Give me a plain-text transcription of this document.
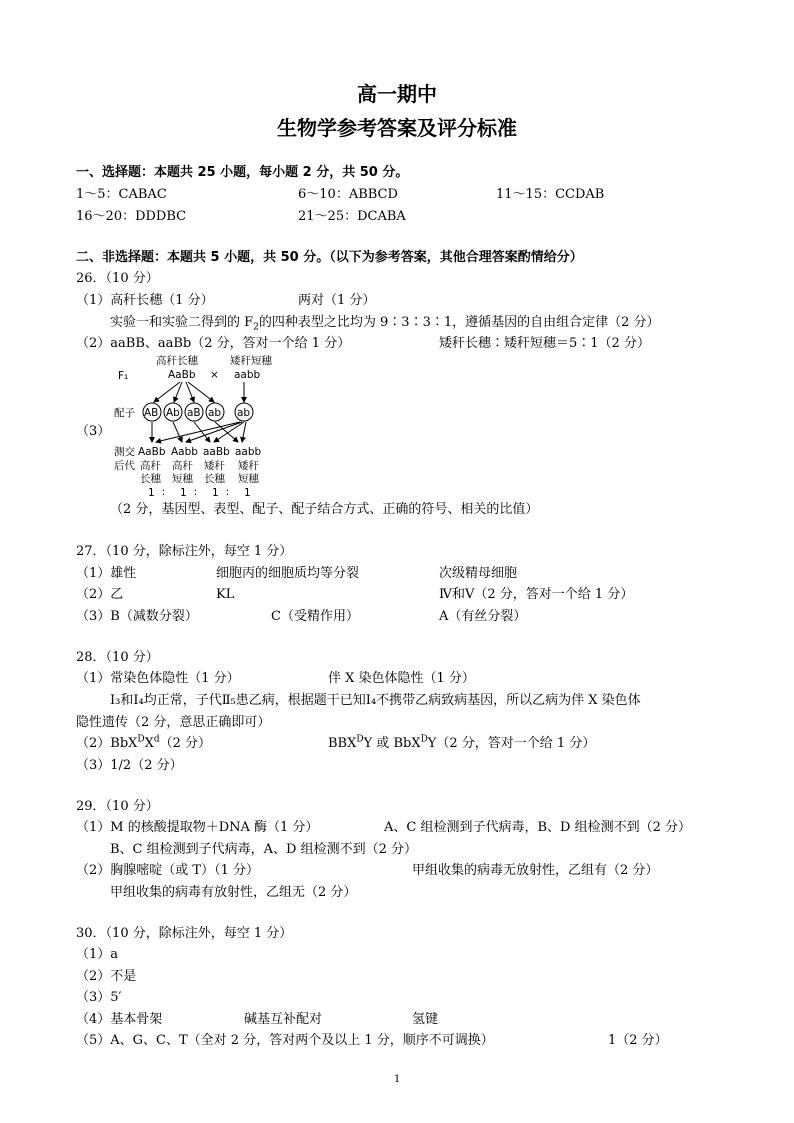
高一期中
生物学参考答案及评分标准
一、选择题：本题共 25 小题，每小题 2 分，共 50 分。
1～5：CABAC	6～10：ABBCD	11～15：CCDAB
16～20：DDDBC	21～25：DCABA
二、非选择题：本题共 5 小题，共 50 分。（以下为参考答案，其他合理答案酌情给分）
26．（10 分）
（1）高秆长穗（1 分）	两对（1 分）
实验一和实验二得到的 $F_2$的四种表型之比均为 9∶3∶3∶1，遵循基因的自由组合定律（2 分）
（2）aaBB、aaBb（2 分，答对一个给 1 分）	矮秆长穗∶矮秆短穗＝5∶1（2 分）
（3）
F₁
高秆长穗
AaBb ×
矮秆短穗
aabb
配子 AB Ab aB ab ab
测交
后代
AaBb Aabb aaBb aabb
高秆 高秆 矮秆 矮秆
长穗 短穗 长穗 短穗
1 ∶ 1 ∶ 1 ∶ 1
（2 分，基因型、表型、配子、配子结合方式、正确的符号、相关的比值）
27．（10 分，除标注外，每空 1 分）
（1）雄性	细胞丙的细胞质均等分裂	次级精母细胞
（2）乙	KL	Ⅳ和Ⅴ（2 分，答对一个给 1 分）
（3）B（减数分裂）	C（受精作用）	A（有丝分裂）
28．（10 分）
（1）常染色体隐性（1 分）	伴 X 染色体隐性（1 分）
Ⅰ₃和Ⅰ₄均正常，子代Ⅱ₅患乙病，根据题干已知Ⅰ₄不携带乙病致病基因，所以乙病为伴 X 染色体
隐性遗传（2 分，意思正确即可）
$(2)BbX^DX^d(2$ 分）	$BBX^DY$ 或 BbX$^D$Y（2 分，答对一个给 1 分）
（3）1/2（2 分）
29．（10 分）
（1）M 的核酸提取物＋DNA 酶（1 分）	A、C 组检测到子代病毒，B、D 组检测不到（2 分）
B、C 组检测到子代病毒，A、D 组检测不到（2 分）
（2）胸腺嘧啶（或 T）（1 分）	甲组收集的病毒无放射性，乙组有（2 分）
甲组收集的病毒有放射性，乙组无（2 分）
30．（10 分，除标注外，每空 1 分）
（1）a
（2）不是
（3）5′
（4）基本骨架	碱基互补配对	氢键
（5）A、G、C、T（全对 2 分，答对两个及以上 1 分，顺序不可调换）	1（2 分）
1
